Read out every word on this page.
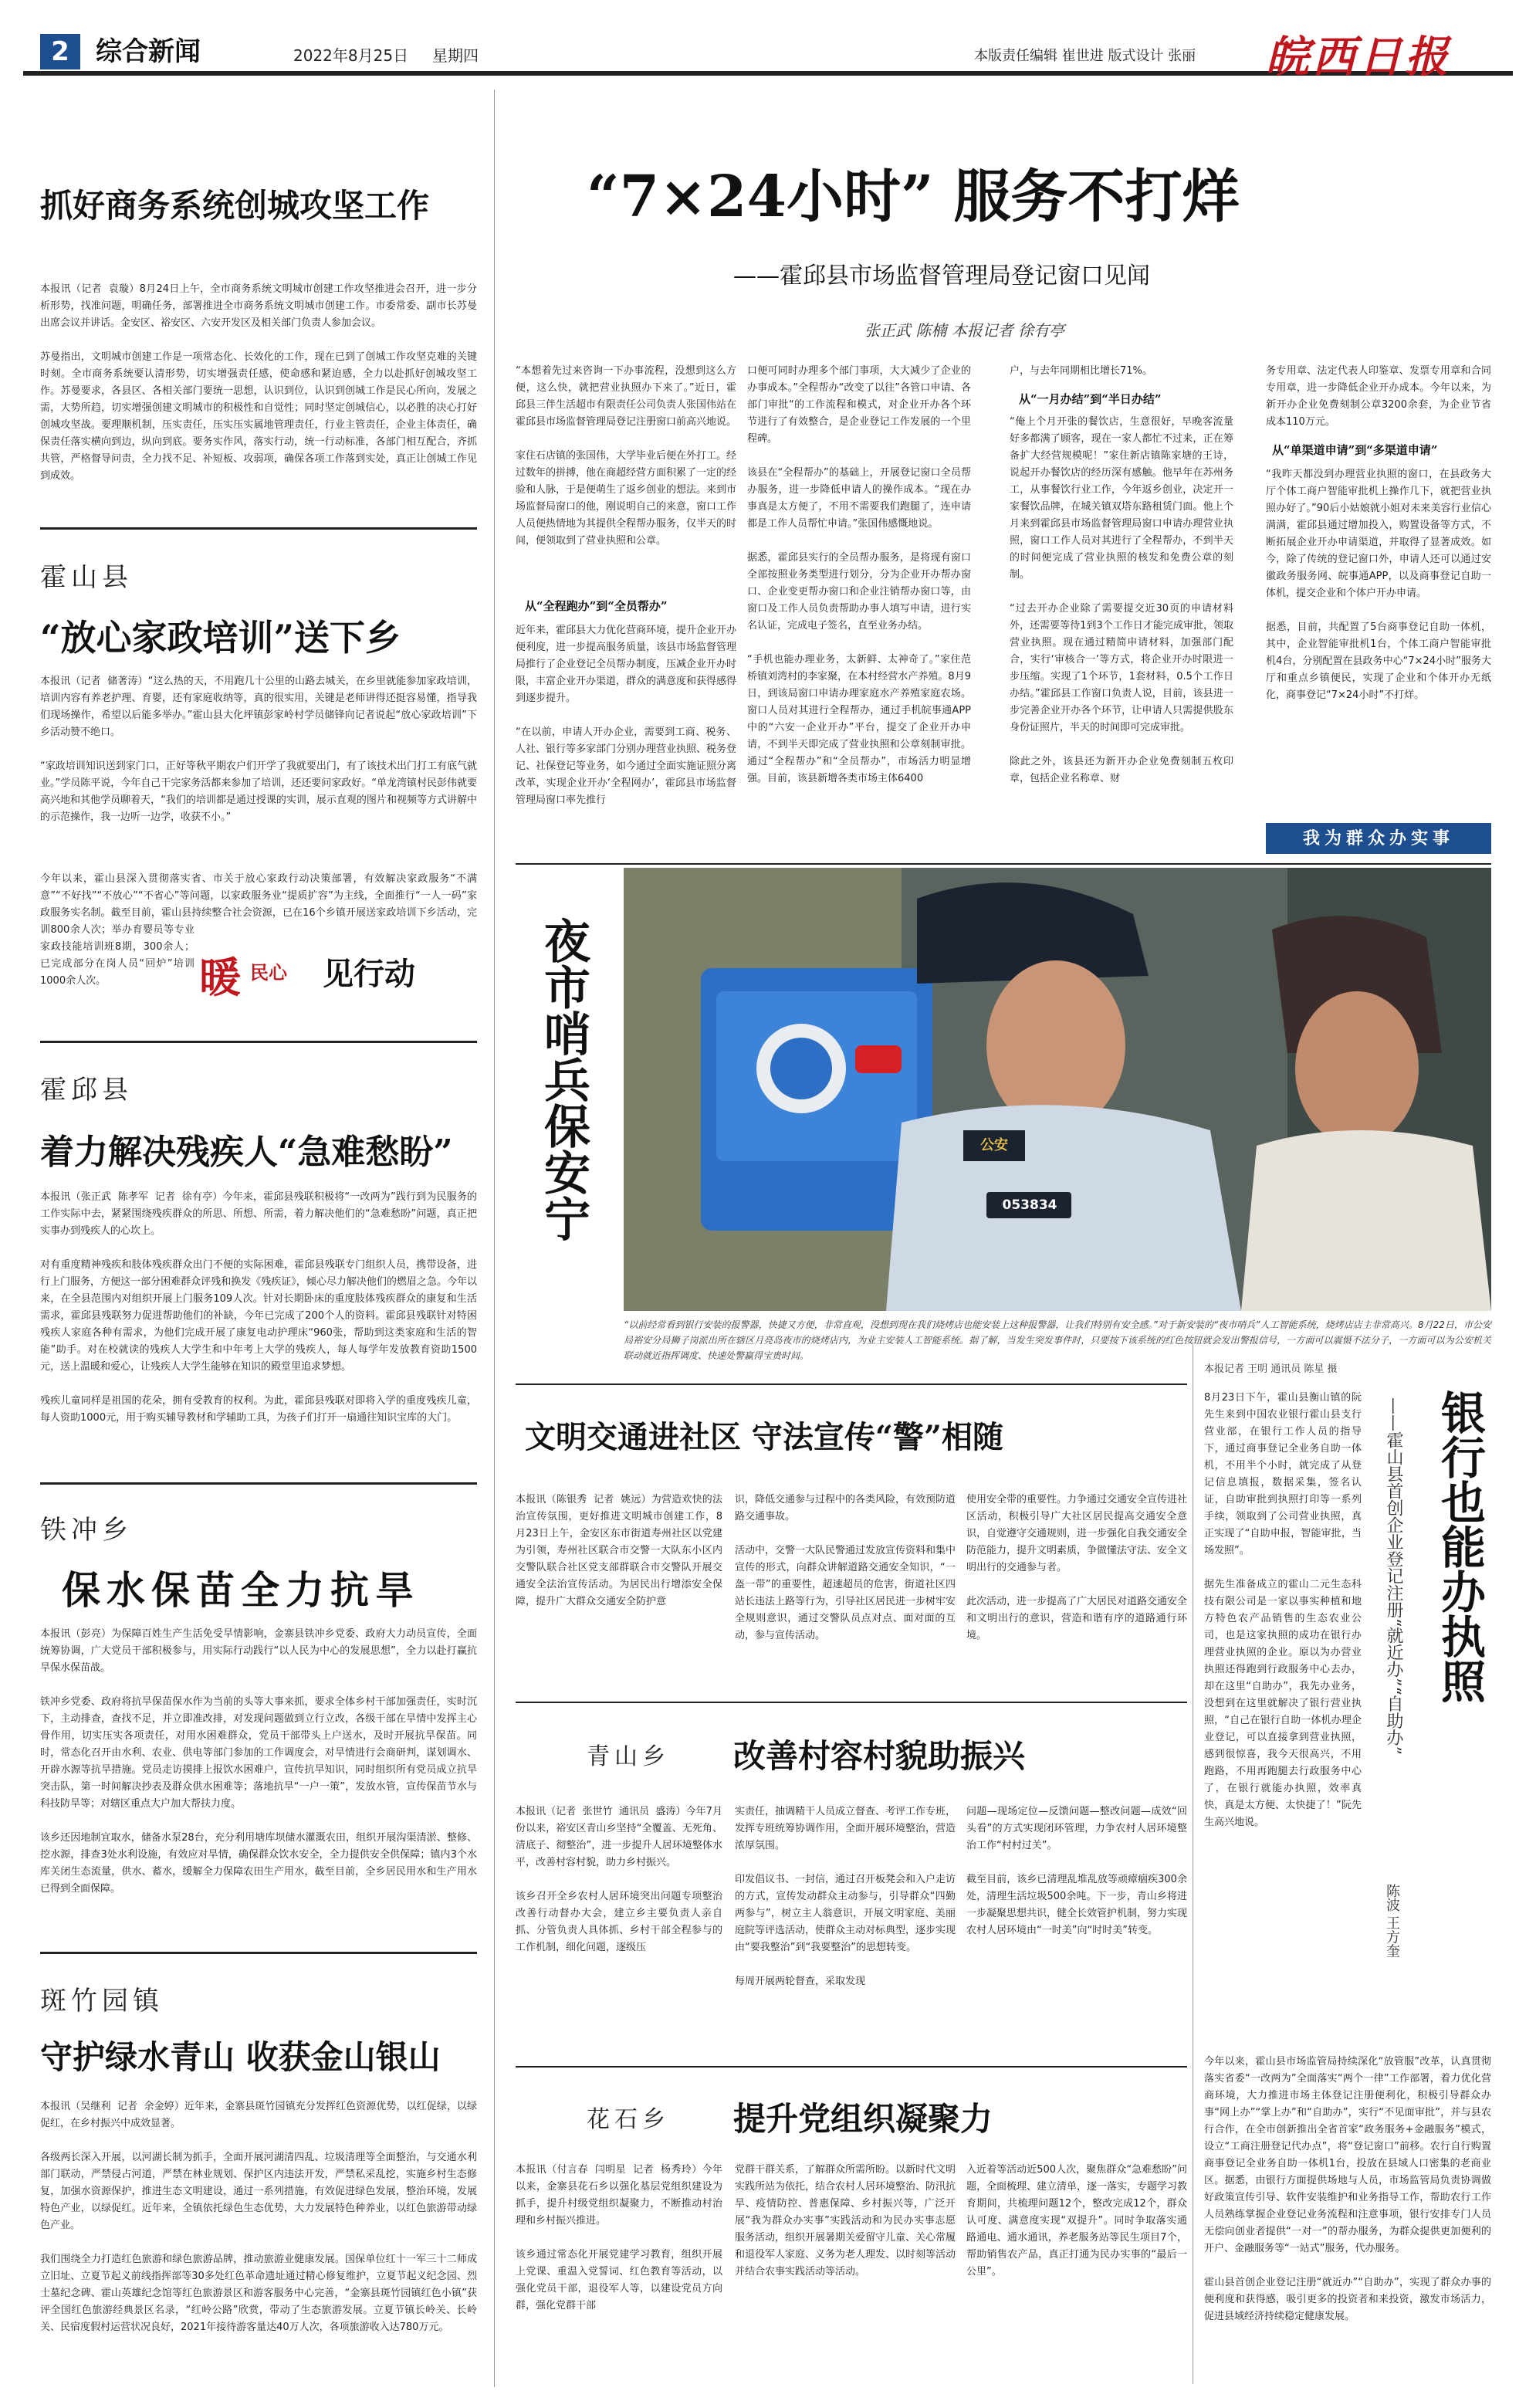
2	综合新闻	2022年8月25日 星期四	本版责任编辑 崔世进 版式设计 张丽 皖西日报
抓好商务系统创城攻坚工作
本报讯（记者  袁璇）8月24日上午，全市商务系统文明城市创建工作攻坚推进会召开，进一步分析形势，找准问题，明确任务，部署推进全市商务系统文明城市创建工作。市委常委、副市长苏曼出席会议并讲话。金安区、裕安区、六安开发区及相关部门负责人参加会议。

苏曼指出，文明城市创建工作是一项常态化、长效化的工作，现在已到了创城工作攻坚克难的关键时刻。全市商务系统要认清形势，切实增强责任感，使命感和紧迫感，全力以赴抓好创城攻坚工作。苏曼要求，各县区、各相关部门要统一思想，认识到位，认识到创城工作是民心所向，发展之需，大势所趋，切实增强创建文明城市的积极性和自觉性；同时坚定创城信心，以必胜的决心打好创城攻坚战。要理顺机制，压实责任，压实压实属地管理责任，行业主管责任，企业主体责任，确保责任落实横向到边，纵向到底。要务实作风，落实行动，统一行动标准，各部门相互配合，齐抓共管，严格督导问责，全力找不足、补短板、攻弱项，确保各项工作落到实处，真正让创城工作见到成效。
霍山县
“放心家政培训”送下乡
本报讯（记者  储著涛）“这么热的天，不用跑几十公里的山路去城关，在乡里就能参加家政培训，培训内容有养老护理、育婴，还有家庭收纳等，真的很实用，关键是老师讲得还挺容易懂，指导我们现场操作，希望以后能多举办。”霍山县大化坪镇彭家岭村学员储锋向记者说起“放心家政培训”下乡活动赞不绝口。

“家政培训知识送到家门口，正好等秋平期农户们开学了我就要出门，有了该技术出门打工有底气就业。”学员陈平说，今年自己干完家务活都来参加了培训，还还要问家政好。“单龙湾镇村民彭伟就要高兴地和其他学员聊着天，“我们的培训都是通过授课的实训，展示直观的图片和视频等方式讲解中的示范操作，我一边听一边学，收获不小。”
今年以来，霍山县深入贯彻落实省、市关于放心家政行动决策部署，有效解决家政服务“不满意”“不好找”“不放心”“不省心”等问题，以家政服务业“提质扩容”为主线，全面推行“一人一码”家政服务实名制。截至目前，霍山县持续整合社会资源，已在16个乡镇开展送家政培训下乡活动，完
训800余人次；举办育婴员等专业家政技能培训班8期，300余人；已完成部分在岗人员“回炉”培训1000余人次。	暖 民心 见行动
霍邱县
着力解决残疾人“急难愁盼”
本报讯（张正武  陈孝军  记者  徐有亭）今年来，霍邱县残联积极将“一改两为”践行到为民服务的工作实际中去，紧紧围绕残疾群众的所思、所想、所需，着力解决他们的“急难愁盼”问题，真正把实事办到残疾人的心坎上。

对有重度精神残疾和肢体残疾群众出门不便的实际困难，霍邱县残联专门组织人员，携带设备，进行上门服务，方便这一部分困难群众评残和换发《残疾证》，倾心尽力解决他们的燃眉之急。今年以来，在全县范围内对组织开展上门服务109人次。针对长期卧床的重度肢体残疾群众的康复和生活需求，霍邱县残联努力促进帮助他们的补缺，今年已完成了200个人的资料。霍邱县残联针对特困残疾人家庭各种有需求，为他们完成开展了康复电动护理床“960张，帮助到这类家庭和生活的智能”助手。对在校就读的残疾人大学生和中年考上大学的残疾人，每人每学年发放教育资助1500元，送上温暖和爱心，让残疾人大学生能够在知识的殿堂里追求梦想。

残疾儿童同样是祖国的花朵，拥有受教育的权利。为此，霍邱县残联对即将入学的重度残疾儿童，每人资助1000元，用于购买辅导教材和学辅助工具，为孩子们打开一扇通往知识宝库的大门。
铁冲乡
保水保苗全力抗旱
本报讯（彭亮）为保障百姓生产生活免受旱情影响，金寨县铁冲乡党委、政府大力动员宣传，全面统筹协调，广大党员干部积极参与，用实际行动践行“以人民为中心的发展思想”，全力以赴打赢抗旱保水保苗战。

铁冲乡党委、政府将抗旱保苗保水作为当前的头等大事来抓，要求全体乡村干部加强责任，实时沉下，主动排查，查找不足，并立即准改排，对发现问题做到立行立改，各级干部在旱情中发挥主心骨作用，切实压实各项责任，对用水困难群众，党员干部带头上户送水，及时开展抗旱保苗。同时，常态化召开由水利、农业、供电等部门参加的工作调度会，对旱情进行会商研判，谋划调水、开辟水源等抗旱措施。党员走访摸排上报饮水困难户，宣传抗旱知识，同时组织所有党员成立抗旱突击队，第一时间解决抄表及群众供水困难等；落地抗旱“一户一策”，发放水管，宣传保苗节水与科技防旱等；对辖区重点大户加大帮扶力度。

该乡还因地制宜取水，储备水泵28台，充分利用塘库坝储水灌溉农田，组织开展沟渠清淤、整修、挖水源，排查3处水利设施，有效应对旱情，确保群众饮水安全，全力提供安全供保障；镇内3个水库关闭生态流量，供水、蓄水，缓解全力保障农田生产用水，截至目前，全乡居民用水和生产用水已得到全面保障。
斑竹园镇
守护绿水青山 收获金山银山
本报讯（吴继利  记者  余金婷）近年来，金寨县斑竹园镇充分发挥红色资源优势，以红促绿，以绿促红，在乡村振兴中成效显著。

各级两长深入开展，以河湖长制为抓手，全面开展河湖清四乱、垃圾清理等全面整治，与交通水利部门联动，严禁侵占河道，严禁在林业规划、保护区内违法开发，严禁私采乱挖，实施乡村生态修复，加强水资源保护，推进生态文明建设，通过一系列措施，有效促进绿色发展，整治环境，发展特色产业，以绿促红。近年来，全镇依托绿色生态优势，大力发展特色种养业，以红色旅游带动绿色产业。

我们围绕全力打造红色旅游和绿色旅游品牌，推动旅游业健康发展。国保单位红十一军三十二师成立旧址、立夏节起义前线指挥部等30多处红色革命遗址通过精心修复维护，立夏节起义纪念园、烈士墓纪念碑、霍山英雄纪念馆等红色旅游景区和游客服务中心完善，“金寨县斑竹园镇红色小镇”获评全国红色旅游经典景区名录，“红岭公路”欣赏，带动了生态旅游发展。立夏节镇长岭关、长岭关、民宿度假村运营状况良好，2021年接待游客量达40万人次，各项旅游收入达780万元。
“7×24小时” 服务不打烊
——霍邱县市场监督管理局登记窗口见闻
张正武 陈楠 本报记者 徐有亭
“本想着先过来咨询一下办事流程，没想到这么方便，这么快，就把营业执照办下来了。”近日，霍邱县三伴生活超市有限责任公司负责人张国伟站在霍邱县市场监督管理局登记注册窗口前高兴地说。

家住石店镇的张国伟，大学毕业后便在外打工。经过数年的拼搏，他在商超经营方面积累了一定的经验和人脉，于是便萌生了返乡创业的想法。来到市场监督局窗口的他，刚说明自己的来意，窗口工作人员便热情地为其提供全程帮办服务，仅半天的时间，便领取到了营业执照和公章。
从“全程跑办”到“全员帮办”
近年来，霍邱县大力优化营商环境，提升企业开办便利度，进一步提高服务质量，该县市场监督管理局推行了企业登记全员帮办制度，压减企业开办时限，丰富企业开办渠道，群众的满意度和获得感得到逐步提升。

“在以前，申请人开办企业，需要到工商、税务、人社、银行等多家部门分别办理营业执照、税务登记、社保登记等业务，如今通过全面实施证照分离改革，实现企业开办‘全程网办’，霍邱县市场监督管理局窗口率先推行
口便可同时办理多个部门事项，大大减少了企业的办事成本。”全程帮办“改变了以往”各管口申请、各部门审批“的工作流程和模式，对企业开办各个环节进行了有效整合，是企业登记工作发展的一个里程碑。

该县在“全程帮办”的基础上，开展登记窗口全员帮办服务，进一步降低申请人的操作成本。“现在办事真是太方便了，不用不需要我们跑腿了，连申请都是工作人员帮忙申请。”张国伟感慨地说。

据悉，霍邱县实行的全员帮办服务，是将现有窗口全部按照业务类型进行划分，分为企业开办帮办窗口、企业变更帮办窗口和企业注销帮办窗口等，由窗口及工作人员负责帮助办事人填写申请，进行实名认证，完成电子签名，直至业务办结。

“手机也能办理业务，太新鲜、太神奇了。”家住范桥镇刘湾村的李家聚，在本村经营水产养殖。8月9日，到该局窗口申请办理家庭水产养殖家庭农场。窗口人员对其进行全程帮办，通过手机皖事通APP中的“六安一企业开办”平台，提交了企业开办申请，不到半天即完成了营业执照和公章刻制审批。通过“全程帮办”和“全员帮办”，市场活力明显增强。目前，该县新增各类市场主体6400
户，与去年同期相比增长71%。
从“一月办结”到“半日办结”
“俺上个月开张的餐饮店，生意很好，早晚客流量好多都满了顾客，现在一家人都忙不过来，正在筹备扩大经营规模呢！”家住新店镇陈家塘的王诗，说起开办餐饮店的经历深有感触。他早年在苏州务工，从事餐饮行业工作，今年返乡创业，决定开一家餐饮品牌，在城关镇双塔东路租赁门面。他上个月来到霍邱县市场监督管理局窗口申请办理营业执照，窗口工作人员对其进行了全程帮办，不到半天的时间便完成了营业执照的核发和免费公章的刻制。

“过去开办企业除了需要提交近30页的申请材料外，还需要等待1到3个工作日才能完成审批，领取营业执照。现在通过精简申请材料，加强部门配合，实行‘审核合一’等方式，将企业开办时限进一步压缩。实现了1个环节，1套材料，0.5个工作日办结。”霍邱县工作窗口负责人说，目前，该县进一步完善企业开办各个环节，让申请人只需提供股东身份证照片，半天的时间即可完成审批。

除此之外，该县还为新开办企业免费刻制五枚印章，包括企业名称章、财
务专用章、法定代表人印鉴章、发票专用章和合同专用章，进一步降低企业开办成本。今年以来，为新开办企业免费刻制公章3200余套，为企业节省成本110万元。
从“单渠道申请”到“多渠道申请”
“我昨天都没到办理营业执照的窗口，在县政务大厅个体工商户智能审批机上操作几下，就把营业执照办好了。”90后小姑娘就小姐对未来美容行业信心满满，霍邱县通过增加投入，购置设备等方式，不断拓展企业开办申请渠道，并取得了显著成效。如今，除了传统的登记窗口外，申请人还可以通过安徽政务服务网、皖事通APP，以及商事登记自助一体机，提交企业和个体户开办申请。

据悉，目前，共配置了5台商事登记自助一体机，其中，企业智能审批机1台，个体工商户智能审批机4台，分别配置在县政务中心“7×24小时”服务大厅和重点乡镇便民，实现了企业和个体开办无纸化，商事登记“7×24小时”不打烊。
我为群众办实事
夜市哨兵保安宁	公安
053834
“以前经常看到银行安装的报警器，快捷又方便，非常直观，没想到现在我们烧烤店也能安装上这种报警器，让我们特别有安全感。”对于新安装的“夜市哨兵”人工智能系统，烧烤店店主非常高兴。8月22日，市公安局裕安分局狮子岗派出所在辖区月亮岛夜市的烧烤店内，为业主安装人工智能系统。据了解，当发生突发事件时，只要按下该系统的红色按钮就会发出警报信号，一方面可以震慑不法分子，一方面可以为公安机关联动就近指挥调度、快速处警赢得宝贵时间。
本报记者 王明 通讯员 陈星 摄
文明交通进社区 守法宣传“警”相随
本报讯（陈银秀  记者  姚远）为营造欢快的法治宣传氛围，更好推进文明城市创建工作，8月23日上午，金安区东市街道寿州社区以党建为引领，寿州社区联合市交警一大队东小区内交警队联合社区党支部群联合市交警队开展交通安全法治宣传活动。为居民出行增添安全保障，提升广大群众交通安全防护意
识，降低交通参与过程中的各类风险，有效预防道路交通事故。

活动中，交警一大队民警通过发放宣传资料和集中宣传的形式，向群众讲解道路交通安全知识，“一盔一带”的重要性，超速超员的危害，街道社区四站长违法上路等行为，引导社区居民进一步树牢安全规则意识，通过交警队员点对点、面对面的互动，参与宣传活动。
使用安全带的重要性。力争通过交通安全宣传进社区活动，积极引导广大社区居民提高交通安全意识，自觉遵守交通规则，进一步强化自我交通安全防范能力，提升文明素质，争做懂法守法、安全文明出行的交通参与者。

此次活动，进一步提高了广大居民对道路交通安全和文明出行的意识，营造和谐有序的道路通行环境。
青山乡 改善村容村貌助振兴
本报讯（记者  张世竹  通讯员  盛涛）今年7月份以来，裕安区青山乡坚持“全覆盖、无死角、清底子、彻整治”，进一步提升人居环境整体水平，改善村容村貌，助力乡村振兴。

该乡召开全乡农村人居环境突出问题专项整治改善行动督办大会，建立乡主要负责人亲自抓、分管负责人具体抓、乡村干部全程参与的工作机制，细化问题，逐级压
实责任，抽调精干人员成立督查、考评工作专班，发挥专班统筹协调作用，全面开展环境整治，营造浓厚氛围。

印发倡议书、一封信，通过召开板凳会和入户走访的方式，宣传发动群众主动参与，引导群众“四勤两参与”，树立主人翁意识，开展文明家庭、美丽庭院等评选活动，使群众主动对标典型，逐步实现由“要我整治”到“我要整治”的思想转变。

每周开展两轮督查，采取发现
问题—现场定位—反馈问题—整改问题—成效“回头看”的方式实现闭环管理，力争农村人居环境整治工作“村村过关”。

截至目前，该乡已清理乱堆乱放等顽瘴痼疾300余处，清理生活垃圾500余吨。下一步，青山乡将进一步凝聚思想共识，健全长效管护机制，努力实现农村人居环境由“一时美”向“时时美”转变。
花石乡 提升党组织凝聚力
本报讯（付言春  闫明星  记者  杨秀玲）今年以来，金寨县花石乡以强化基层党组织建设为抓手，提升村级党组织凝聚力，不断推动村治理和乡村振兴推进。

该乡通过常态化开展党建学习教育，组织开展上党课、重温入党誓词、红色教育等活动，以强化党员干部，退役军人等，以建设党员方向群，强化党群干部
党群干群关系，了解群众所需所盼。以新时代文明实践所站为依托，结合农村人居环境整治、防汛抗旱、疫情防控、普惠保障、乡村振兴等，广泛开展“我为群众办实事”实践活动和为民办实事志愿服务活动，组织开展暑期关爱留守儿童、关心常履和退役军人家庭、义务为老人理发、以时刻等活动并结合农事实践活动等活动。
入近着等活动近500人次，聚焦群众“急难愁盼”问题，全面梳理、建立清单，逐一落实，专题学习教育期间，共梳理问题12个，整改完成12个，群众认可度、满意度实现“双提升”。同时争取落实通路通电、通水通讯，养老服务站等民生项目7个，帮助销售农产品，真正打通为民办实事的“最后一公里”。
8月23日下午，霍山县衡山镇的阮先生来到中国农业银行霍山县支行营业部，在银行工作人员的指导下，通过商事登记全业务自助一体机，不用半个小时，就完成了从登记信息填报，数据采集，签名认证，自助审批到执照打印等一系列手续，领取到了公司营业执照，真正实现了“自助申报，智能审批，当场发照”。

据先生准备成立的霍山二元生态科技有限公司是一家以事实种植和地方特色农产品销售的生态农业公司，也是这家执照的成功在银行办理营业执照的企业。原以为办营业执照还得跑到行政服务中心去办，却在这里“自助办”，我先办业务，没想到在这里就解决了银行营业执照，“自己在银行自助一体机办理企业登记，可以直接拿到营业执照，感到很惊喜，我今天很高兴，不用跑路，不用再跑腿去行政服务中心了，在银行就能办执照，效率真快，真是太方便、太快捷了！”阮先生高兴地说。
银行也能办执照
——霍山县首创企业登记注册“就近办”“自助办”
陈波 王方奎
今年以来，霍山县市场监管局持续深化“放管服”改革，认真贯彻落实省委“一改两为”全面落实“两个一律”工作部署，着力优化营商环境，大力推进市场主体登记注册便利化，积极引导群众办事“网上办”“掌上办”和“自助办”，实行“不见面审批”，并与县农行合作，在全市创新推出全省首家“政务服务+金融服务”模式，设立“工商注册登记代办点”，将“登记窗口”前移。农行自行购置商事登记全业务自助一体机1台，投放在县域人口密集的老商业区。据悉，由银行方面提供场地与人员，市场监管局负责协调做好政策宣传引导、软件安装维护和业务指导工作，帮助农行工作人员熟练掌握企业登记业务流程和注意事项，银行安排专门人员无偿向创业者提供“一对一”的帮办服务，为群众提供更加便利的开户、金融服务等“一站式”服务，代办服务。

霍山县首创企业登记注册“就近办”“自助办”，实现了群众办事的便利度和获得感，吸引更多的投资者和来投资，激发市场活力，促进县域经济持续稳定健康发展。
